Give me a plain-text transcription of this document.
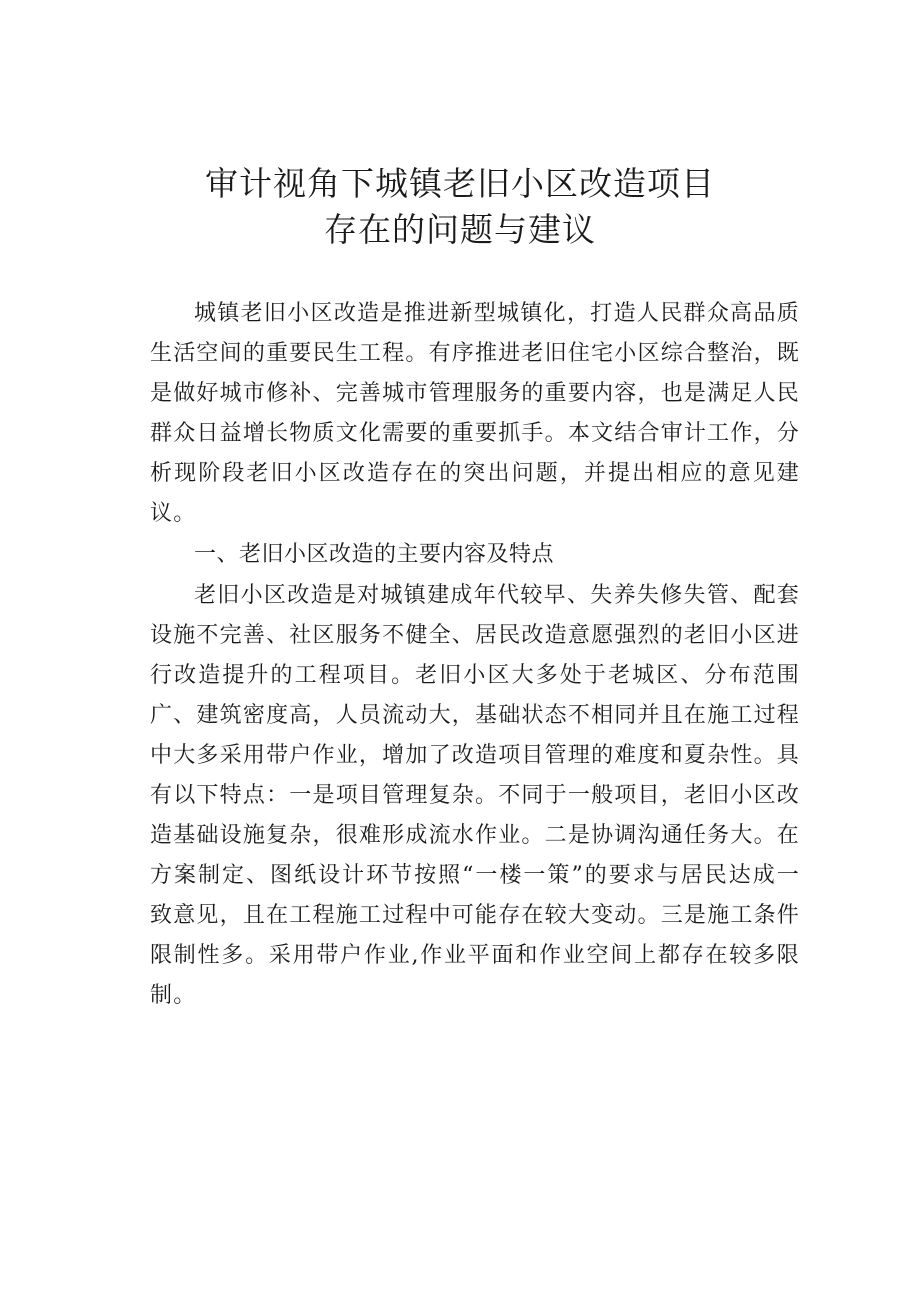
审计视角下城镇老旧小区改造项目
存在的问题与建议

城镇老旧小区改造是推进新型城镇化，打造人民群众高品质生活空间的重要民生工程。有序推进老旧住宅小区综合整治，既是做好城市修补、完善城市管理服务的重要内容，也是满足人民群众日益增长物质文化需要的重要抓手。本文结合审计工作，分析现阶段老旧小区改造存在的突出问题，并提出相应的意见建议。

一、老旧小区改造的主要内容及特点

老旧小区改造是对城镇建成年代较早、失养失修失管、配套设施不完善、社区服务不健全、居民改造意愿强烈的老旧小区进行改造提升的工程项目。老旧小区大多处于老城区、分布范围广、建筑密度高，人员流动大，基础状态不相同并且在施工过程中大多采用带户作业，增加了改造项目管理的难度和夏杂性。具有以下特点：一是项目管理复杂。不同于一般项目，老旧小区改造基础设施复杂，很难形成流水作业。二是协调沟通任务大。在方案制定、图纸设计环节按照“一楼一策”的要求与居民达成一致意见，且在工程施工过程中可能存在较大变动。三是施工条件限制性多。采用带户作业,作业平面和作业空间上都存在较多限制。
